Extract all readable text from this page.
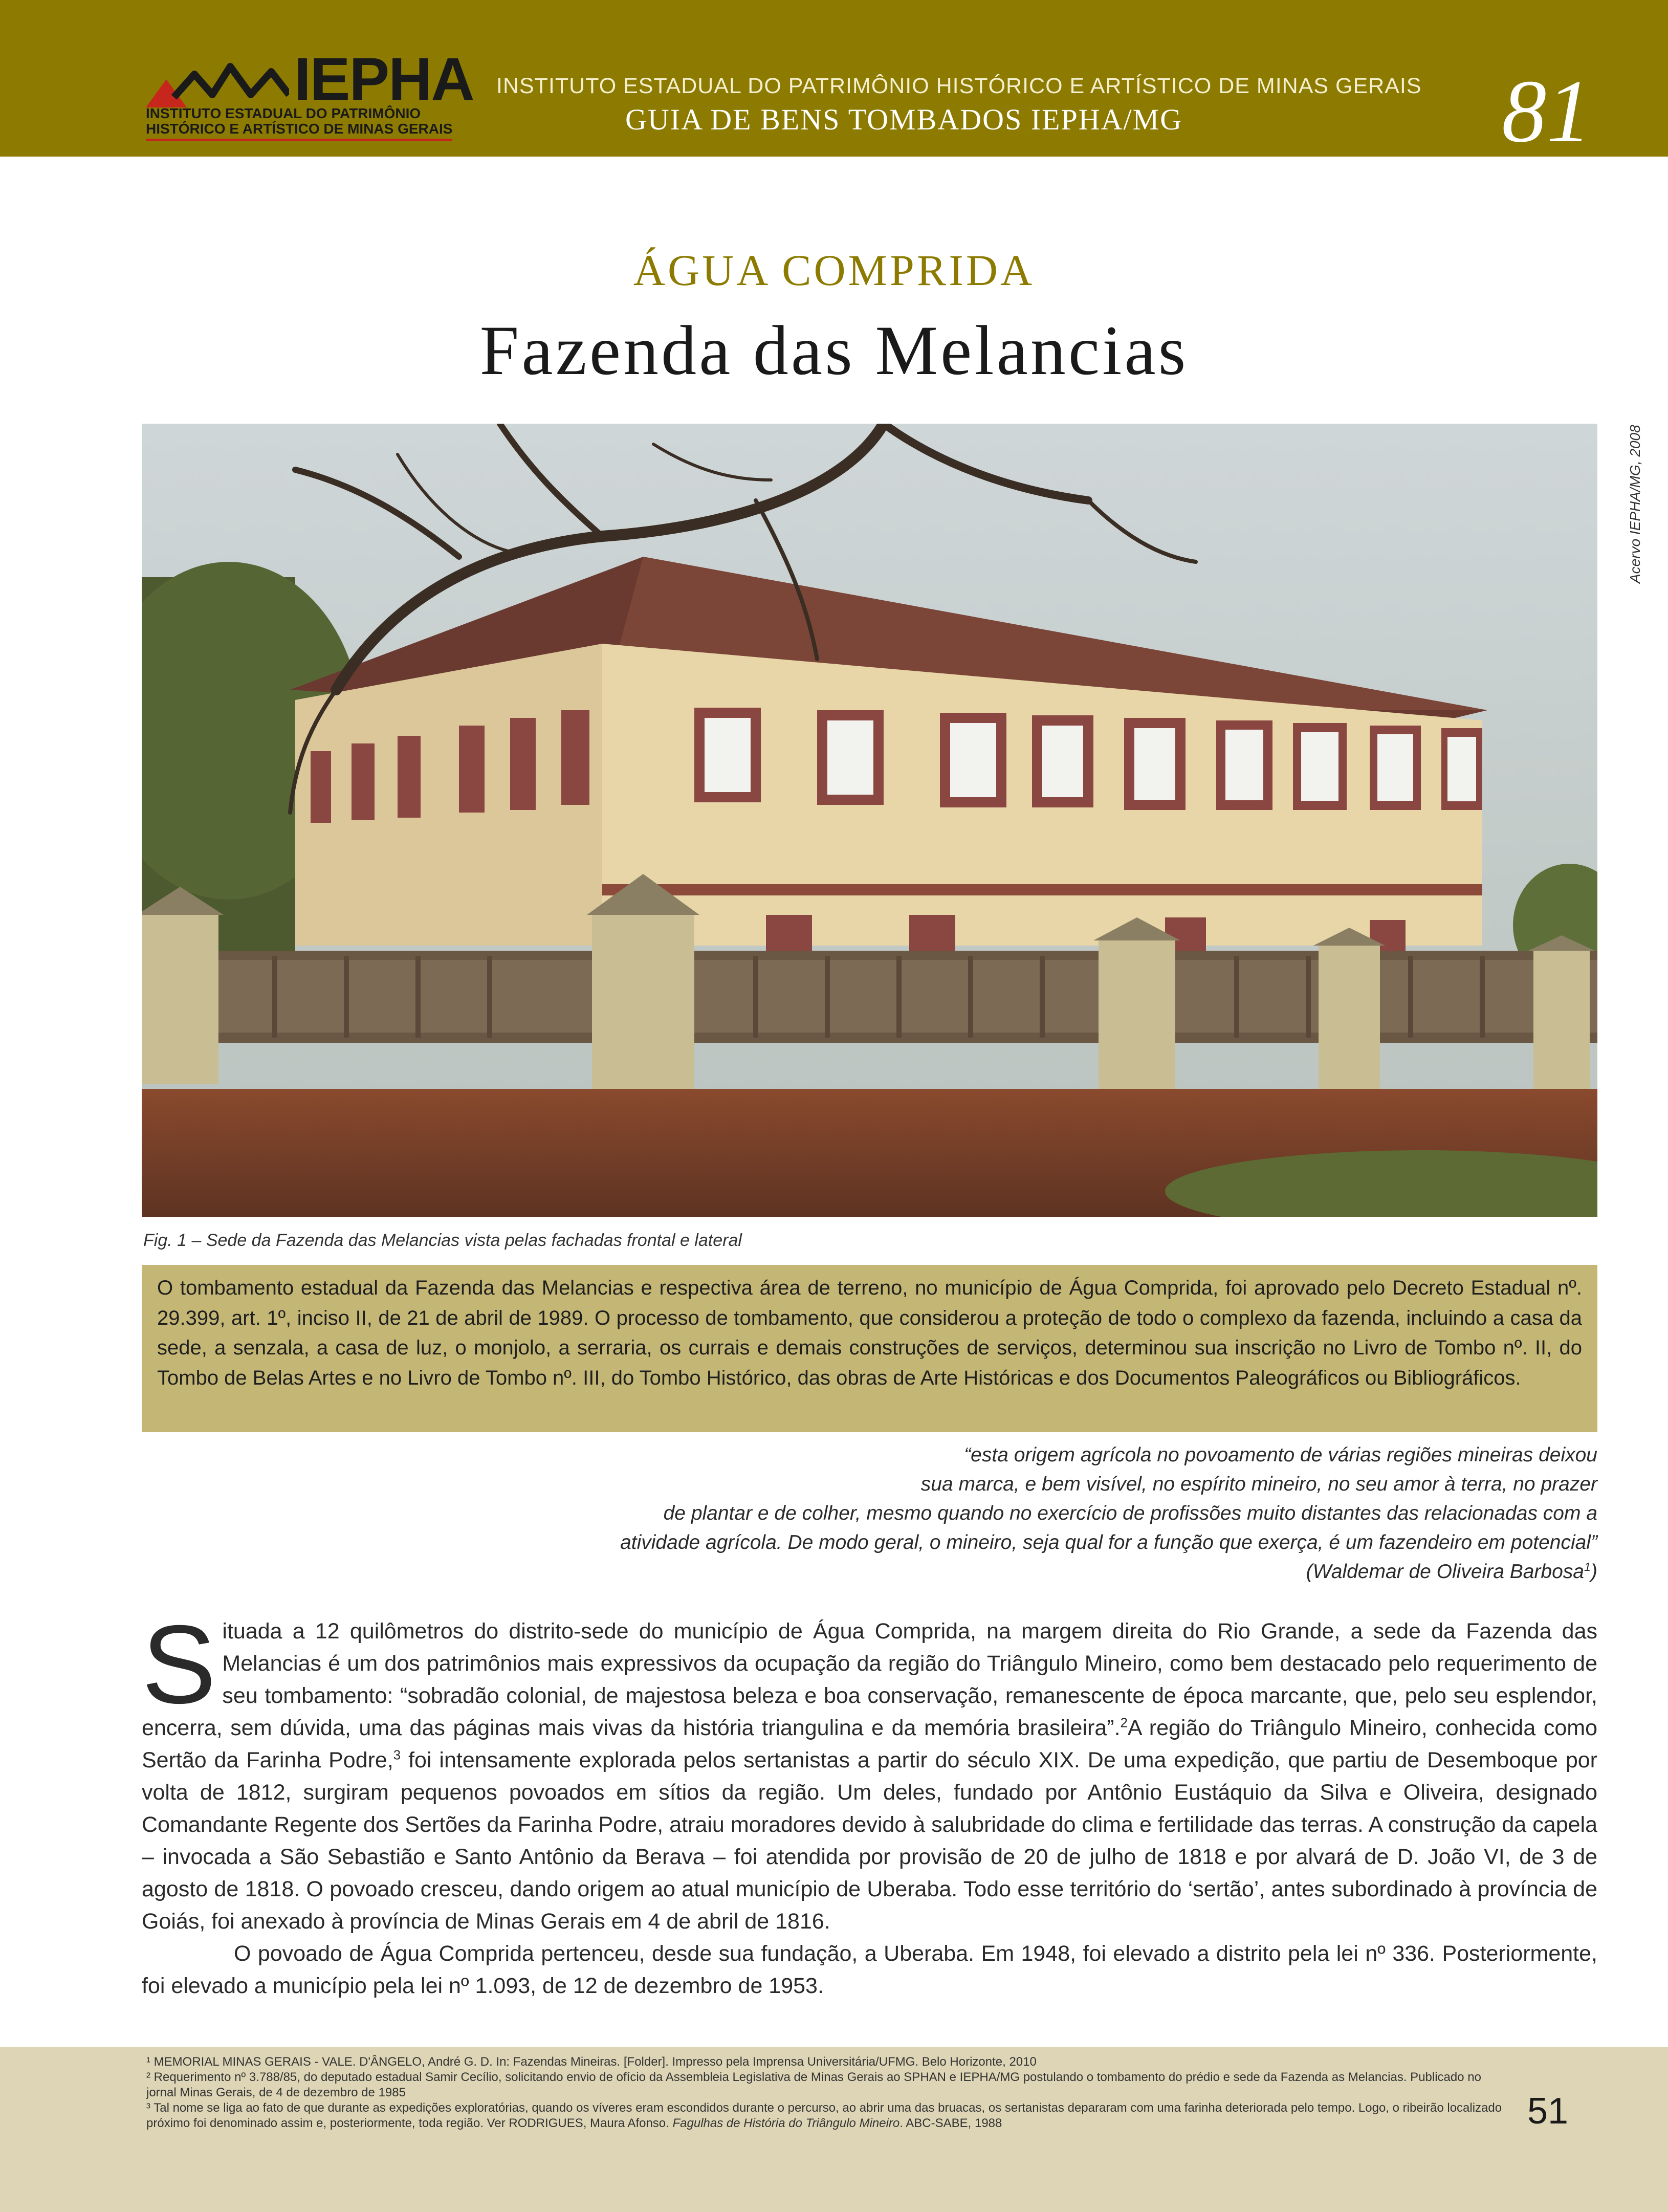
IEPHA
INSTITUTO ESTADUAL DO PATRIMÔNIO
HISTÓRICO E ARTÍSTICO DE MINAS GERAIS
INSTITUTO ESTADUAL DO PATRIMÔNIO HISTÓRICO E ARTÍSTICO DE MINAS GERAIS
GUIA DE BENS TOMBADOS IEPHA/MG	81
ÁGUA COMPRIDA
Fazenda das Melancias
Acervo IEPHA/MG, 2008
Fig. 1 – Sede da Fazenda das Melancias vista pelas fachadas frontal e lateral
O tombamento estadual da Fazenda das Melancias e respectiva área de terreno, no município de Água Comprida, foi aprovado pelo Decreto Estadual nº. 29.399, art. 1º, inciso II, de 21 de abril de 1989. O processo de tombamento, que considerou a proteção de todo o complexo da fazenda, incluindo a casa da sede, a senzala, a casa de luz, o monjolo, a serraria, os currais e demais construções de serviços, determinou sua inscrição no Livro de Tombo nº. II, do Tombo de Belas Artes e no Livro de Tombo nº. III, do Tombo Histórico, das obras de Arte Históricas e dos Documentos Paleográficos ou Bibliográficos.

“esta origem agrícola no povoamento de várias regiões mineiras deixou

sua marca, e bem visível, no espírito mineiro, no seu amor à terra, no prazer

de plantar e de colher, mesmo quando no exercício de profissões muito distantes das relacionadas com a

atividade agrícola. De modo geral, o mineiro, seja qual for a função que exerça, é um fazendeiro em potencial”

(Waldemar de Oliveira Barbosa$^1$)

Situada a 12 quilômetros do distrito-sede do município de Água Comprida, na margem direita do Rio Grande, a sede da Fazenda das Melancias é um dos patrimônios mais expressivos da ocupação da região do Triângulo Mineiro, como bem destacado pelo requerimento de seu tombamento: “sobradão colonial, de majestosa beleza e boa conservação, remanescente de época marcante, que, pelo seu esplendor, encerra, sem dúvida, uma das páginas mais vivas da história triangulina e da memória brasileira”.$^2$A região do Triângulo Mineiro, conhecida como Sertão da Farinha Podre,$^3$ foi intensamente explorada pelos sertanistas a partir do século XIX. De uma expedição, que partiu de Desemboque por volta de 1812, surgiram pequenos povoados em sítios da região. Um deles, fundado por Antônio Eustáquio da Silva e Oliveira, designado Comandante Regente dos Sertões da Farinha Podre, atraiu moradores devido à salubridade do clima e fertilidade das terras. A construção da capela – invocada a São Sebastião e Santo Antônio da Berava – foi atendida por provisão de 20 de julho de 1818 e por alvará de D. João VI, de 3 de agosto de 1818. O povoado cresceu, dando origem ao atual município de Uberaba. Todo esse território do ‘sertão’, antes subordinado à província de Goiás, foi anexado à província de Minas Gerais em 4 de abril de 1816.

O povoado de Água Comprida pertenceu, desde sua fundação, a Uberaba. Em 1948, foi elevado a distrito pela lei nº 336. Posteriormente, foi elevado a município pela lei nº 1.093, de 12 de dezembro de 1953.

¹ MEMORIAL MINAS GERAIS - VALE. D'ÂNGELO, André G. D. In: Fazendas Mineiras. [Folder]. Impresso pela Imprensa Universitária/UFMG. Belo Horizonte, 2010

² Requerimento nº 3.788/85, do deputado estadual Samir Cecílio, solicitando envio de ofício da Assembleia Legislativa de Minas Gerais ao SPHAN e IEPHA/MG postulando o tombamento do prédio e sede da Fazenda as Melancias. Publicado no jornal Minas Gerais, de 4 de dezembro de 1985

³ Tal nome se liga ao fato de que durante as expedições exploratórias, quando os víveres eram escondidos durante o percurso, ao abrir uma das bruacas, os sertanistas depararam com uma farinha deteriorada pelo tempo. Logo, o ribeirão localizado próximo foi denominado assim e, posteriormente, toda região. Ver RODRIGUES, Maura Afonso. Fagulhas de História do Triângulo Mineiro. ABC-SABE, 1988	51
